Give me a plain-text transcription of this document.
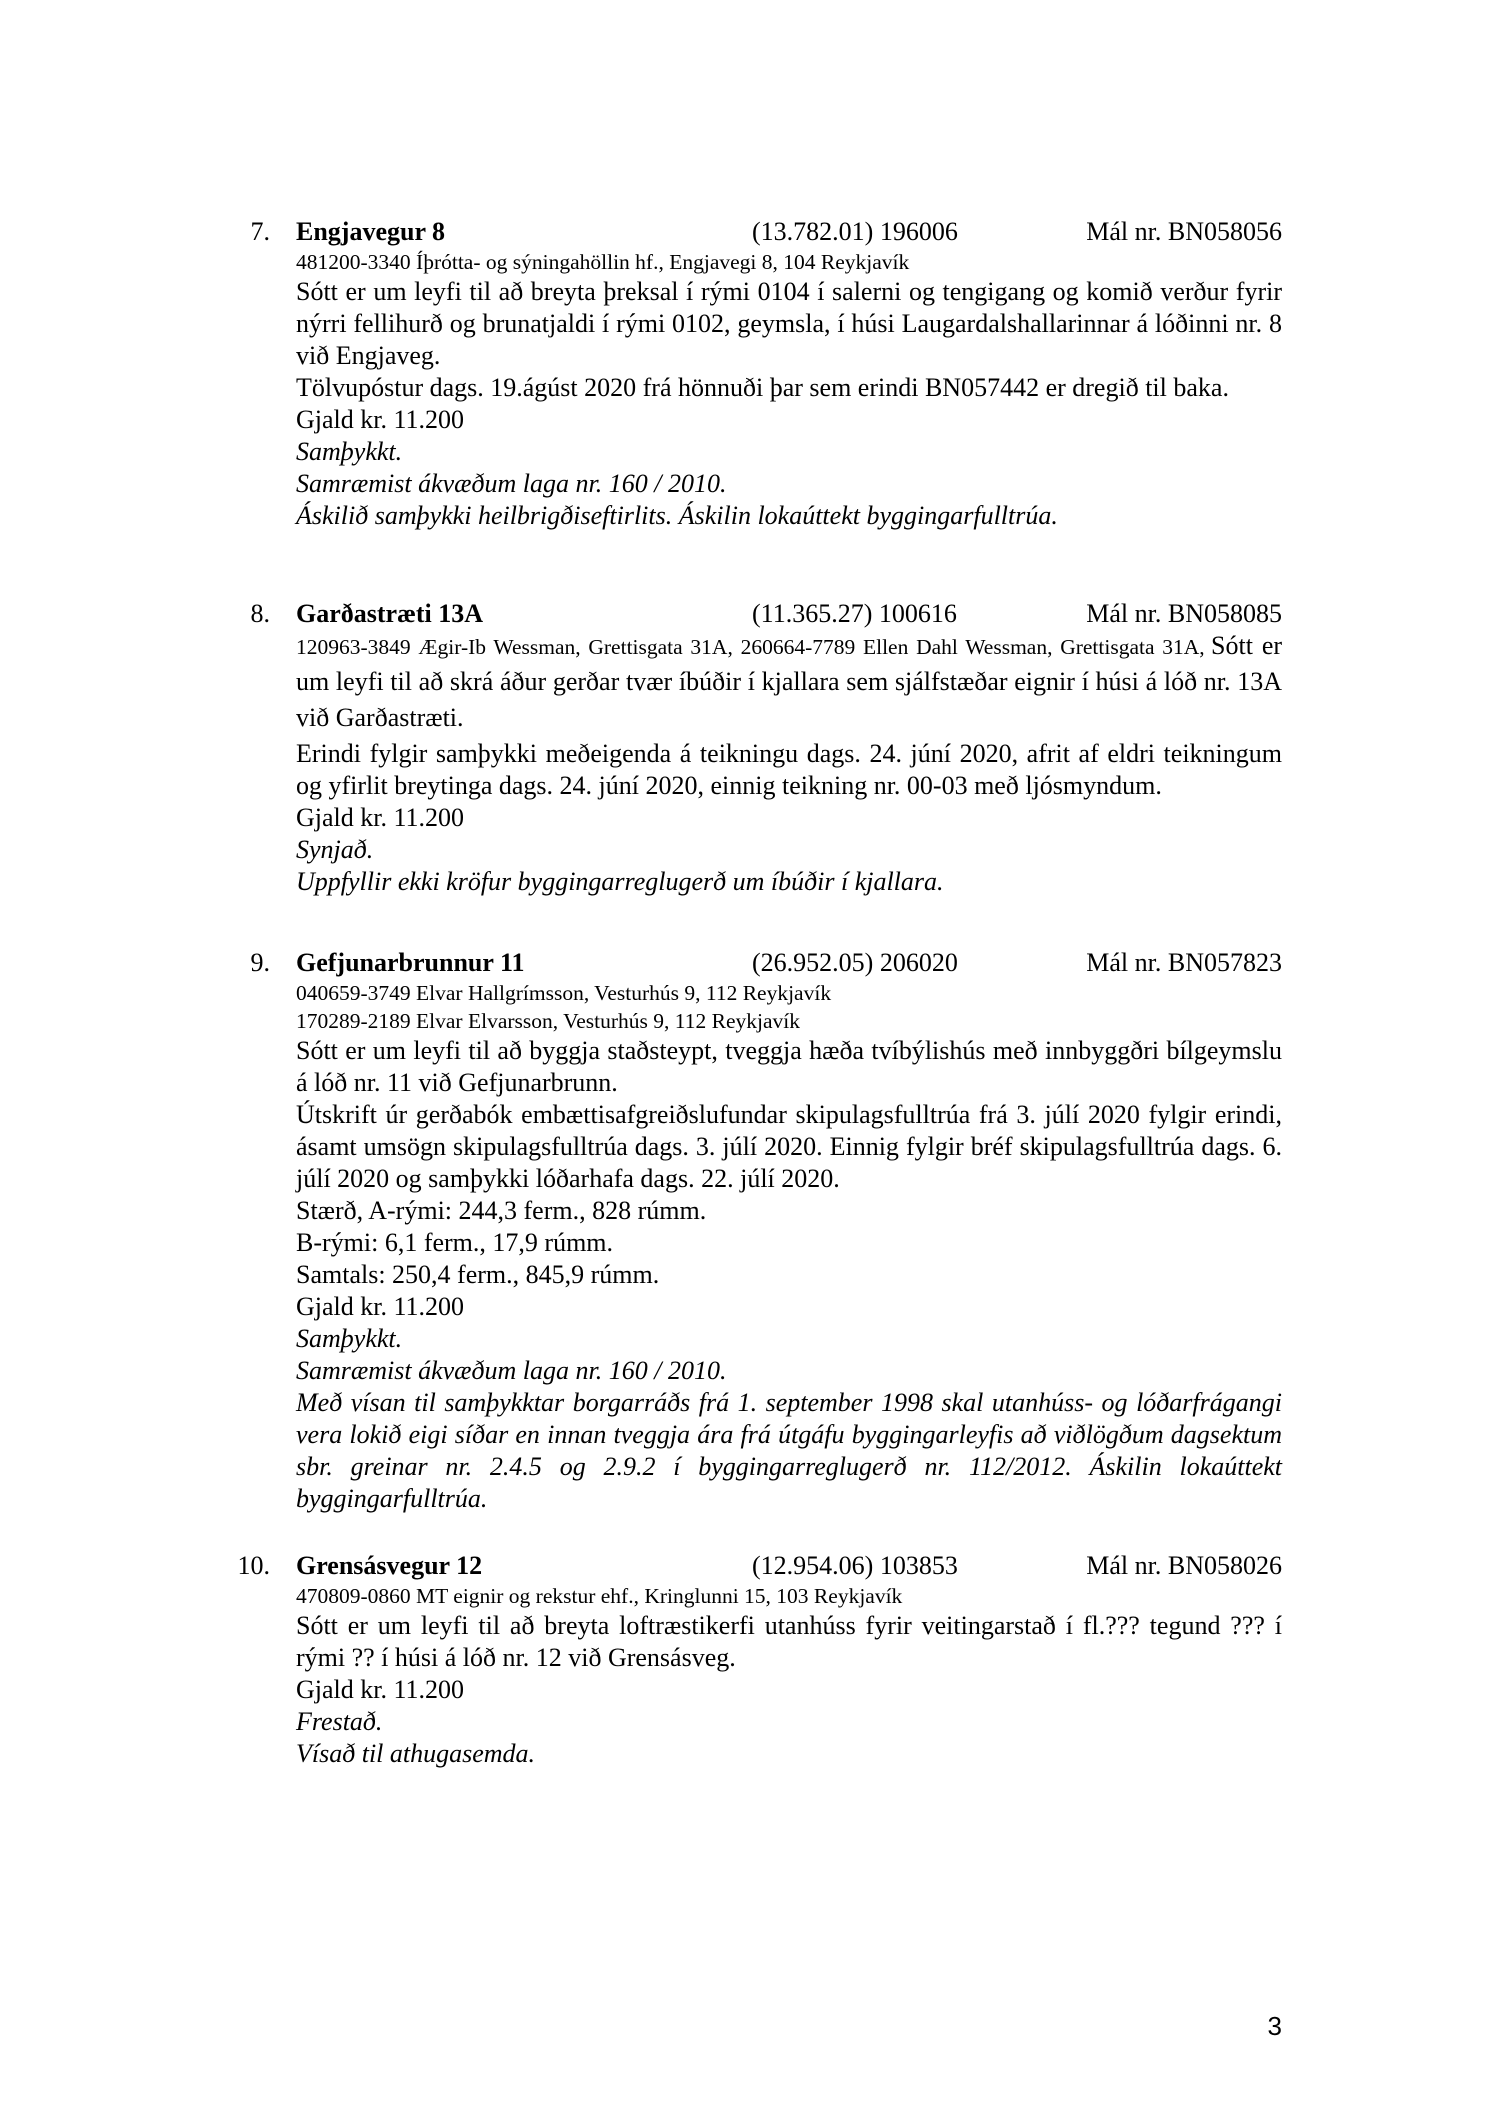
7. Engjavegur 8	(13.782.01) 196006	Mál nr. BN058056
481200-3340 Íþrótta- og sýningahöllin hf., Engjavegi 8, 104 Reykjavík
Sótt er um leyfi til að breyta þreksal í rými 0104 í salerni og tengigang og komið verður fyrir nýrri fellihurð og brunatjaldi í rými 0102, geymsla, í húsi Laugardalshallarinnar á lóðinni nr. 8 við Engjaveg.
Tölvupóstur dags. 19.ágúst 2020 frá hönnuði þar sem erindi BN057442 er dregið til baka.
Gjald kr. 11.200
Samþykkt.
Samræmist ákvæðum laga nr. 160 / 2010.
Áskilið samþykki heilbrigðiseftirlits. Áskilin lokaúttekt byggingarfulltrúa.
8. Garðastræti 13A	(11.365.27) 100616	Mál nr. BN058085
120963-3849 Ægir-Ib Wessman, Grettisgata 31A, 260664-7789 Ellen Dahl Wessman, Grettisgata 31A, Sótt er um leyfi til að skrá áður gerðar tvær íbúðir í kjallara sem sjálfstæðar eignir í húsi á lóð nr. 13A við Garðastræti.
Erindi fylgir samþykki meðeigenda á teikningu dags. 24. júní 2020, afrit af eldri teikningum og yfirlit breytinga dags. 24. júní 2020, einnig teikning nr. 00-03 með ljósmyndum.
Gjald kr. 11.200
Synjað.
Uppfyllir ekki kröfur byggingarreglugerð um íbúðir í kjallara.
9. Gefjunarbrunnur 11	(26.952.05) 206020	Mál nr. BN057823
040659-3749 Elvar Hallgrímsson, Vesturhús 9, 112 Reykjavík
170289-2189 Elvar Elvarsson, Vesturhús 9, 112 Reykjavík
Sótt er um leyfi til að byggja staðsteypt, tveggja hæða tvíbýlishús með innbyggðri bílgeymslu á lóð nr. 11 við Gefjunarbrunn.
Útskrift úr gerðabók embættisafgreiðslufundar skipulagsfulltrúa frá 3. júlí 2020 fylgir erindi, ásamt umsögn skipulagsfulltrúa dags. 3. júlí 2020. Einnig fylgir bréf skipulagsfulltrúa dags. 6. júlí 2020 og samþykki lóðarhafa dags. 22. júlí 2020.
Stærð, A-rými: 244,3 ferm., 828 rúmm.
B-rými: 6,1 ferm., 17,9 rúmm.
Samtals: 250,4 ferm., 845,9 rúmm.
Gjald kr. 11.200
Samþykkt.
Samræmist ákvæðum laga nr. 160 / 2010.
Með vísan til samþykktar borgarráðs frá 1. september 1998 skal utanhúss- og lóðarfrágangi vera lokið eigi síðar en innan tveggja ára frá útgáfu byggingarleyfis að viðlögðum dagsektum sbr. greinar nr. 2.4.5 og 2.9.2 í byggingarreglugerð nr. 112/2012. Áskilin lokaúttekt byggingarfulltrúa.
10. Grensásvegur 12	(12.954.06) 103853	Mál nr. BN058026
470809-0860 MT eignir og rekstur ehf., Kringlunni 15, 103 Reykjavík
Sótt er um leyfi til að breyta loftræstikerfi utanhúss fyrir veitingarstað í fl.??? tegund ??? í rými ?? í húsi á lóð nr. 12 við Grensásveg.
Gjald kr. 11.200
Frestað.
Vísað til athugasemda.
3
